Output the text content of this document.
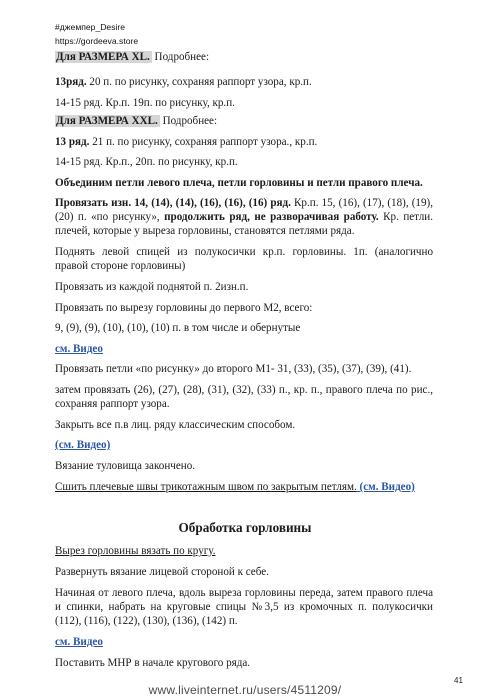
#джемпер_Desire
https://gordeeva.store
Для РАЗМЕРА XL. Подробнее:
13ряд. 20 п. по рисунку, сохраняя раппорт узора, кр.п.
14-15 ряд. Кр.п. 19п. по рисунку, кр.п.
Для РАЗМЕРА XXL. Подробнее:
13 ряд. 21 п. по рисунку, сохраняя раппорт узора., кр.п.
14-15 ряд. Кр.п., 20п. по рисунку, кр.п.
Объединим петли левого плеча, петли горловины и петли правого плеча.
Провязать изн. 14, (14), (14), (16), (16), (16) ряд. Кр.п. 15, (16), (17), (18), (19), (20) п. «по рисунку», продолжить ряд, не разворачивая работу. Кр. петли. плечей, которые у выреза горловины, становятся петлями ряда.
Поднять левой спицей из полукосички кр.п. горловины. 1п. (аналогично правой стороне горловины)
Провязать из каждой поднятой п. 2изн.п.
Провязать по вырезу горловины до первого М2, всего:
9, (9), (9), (10), (10), (10) п. в том числе и обернутые
см. Видео
Провязать петли «по рисунку» до второго М1- 31, (33), (35), (37), (39), (41).
затем провязать (26), (27), (28), (31), (32), (33) п., кр. п., правого плеча по рис., сохраняя раппорт узора.
Закрыть все п.в лиц. ряду классическим способом.
(см. Видео)
Вязание туловища закончено.
Сшить плечевые швы трикотажным швом по закрытым петлям. (см. Видео)
Обработка горловины
Вырез горловины вязать по кругу.
Развернуть вязание лицевой стороной к себе.
Начиная от левого плеча, вдоль выреза горловины переда, затем правого плеча и спинки, набрать на круговые спицы №3,5 из кромочных п. полукосички (112), (116), (122), (130), (136), (142) п.
см. Видео
Поставить МНР в начале кругового ряда.
41
www.liveinternet.ru/users/4511209/
